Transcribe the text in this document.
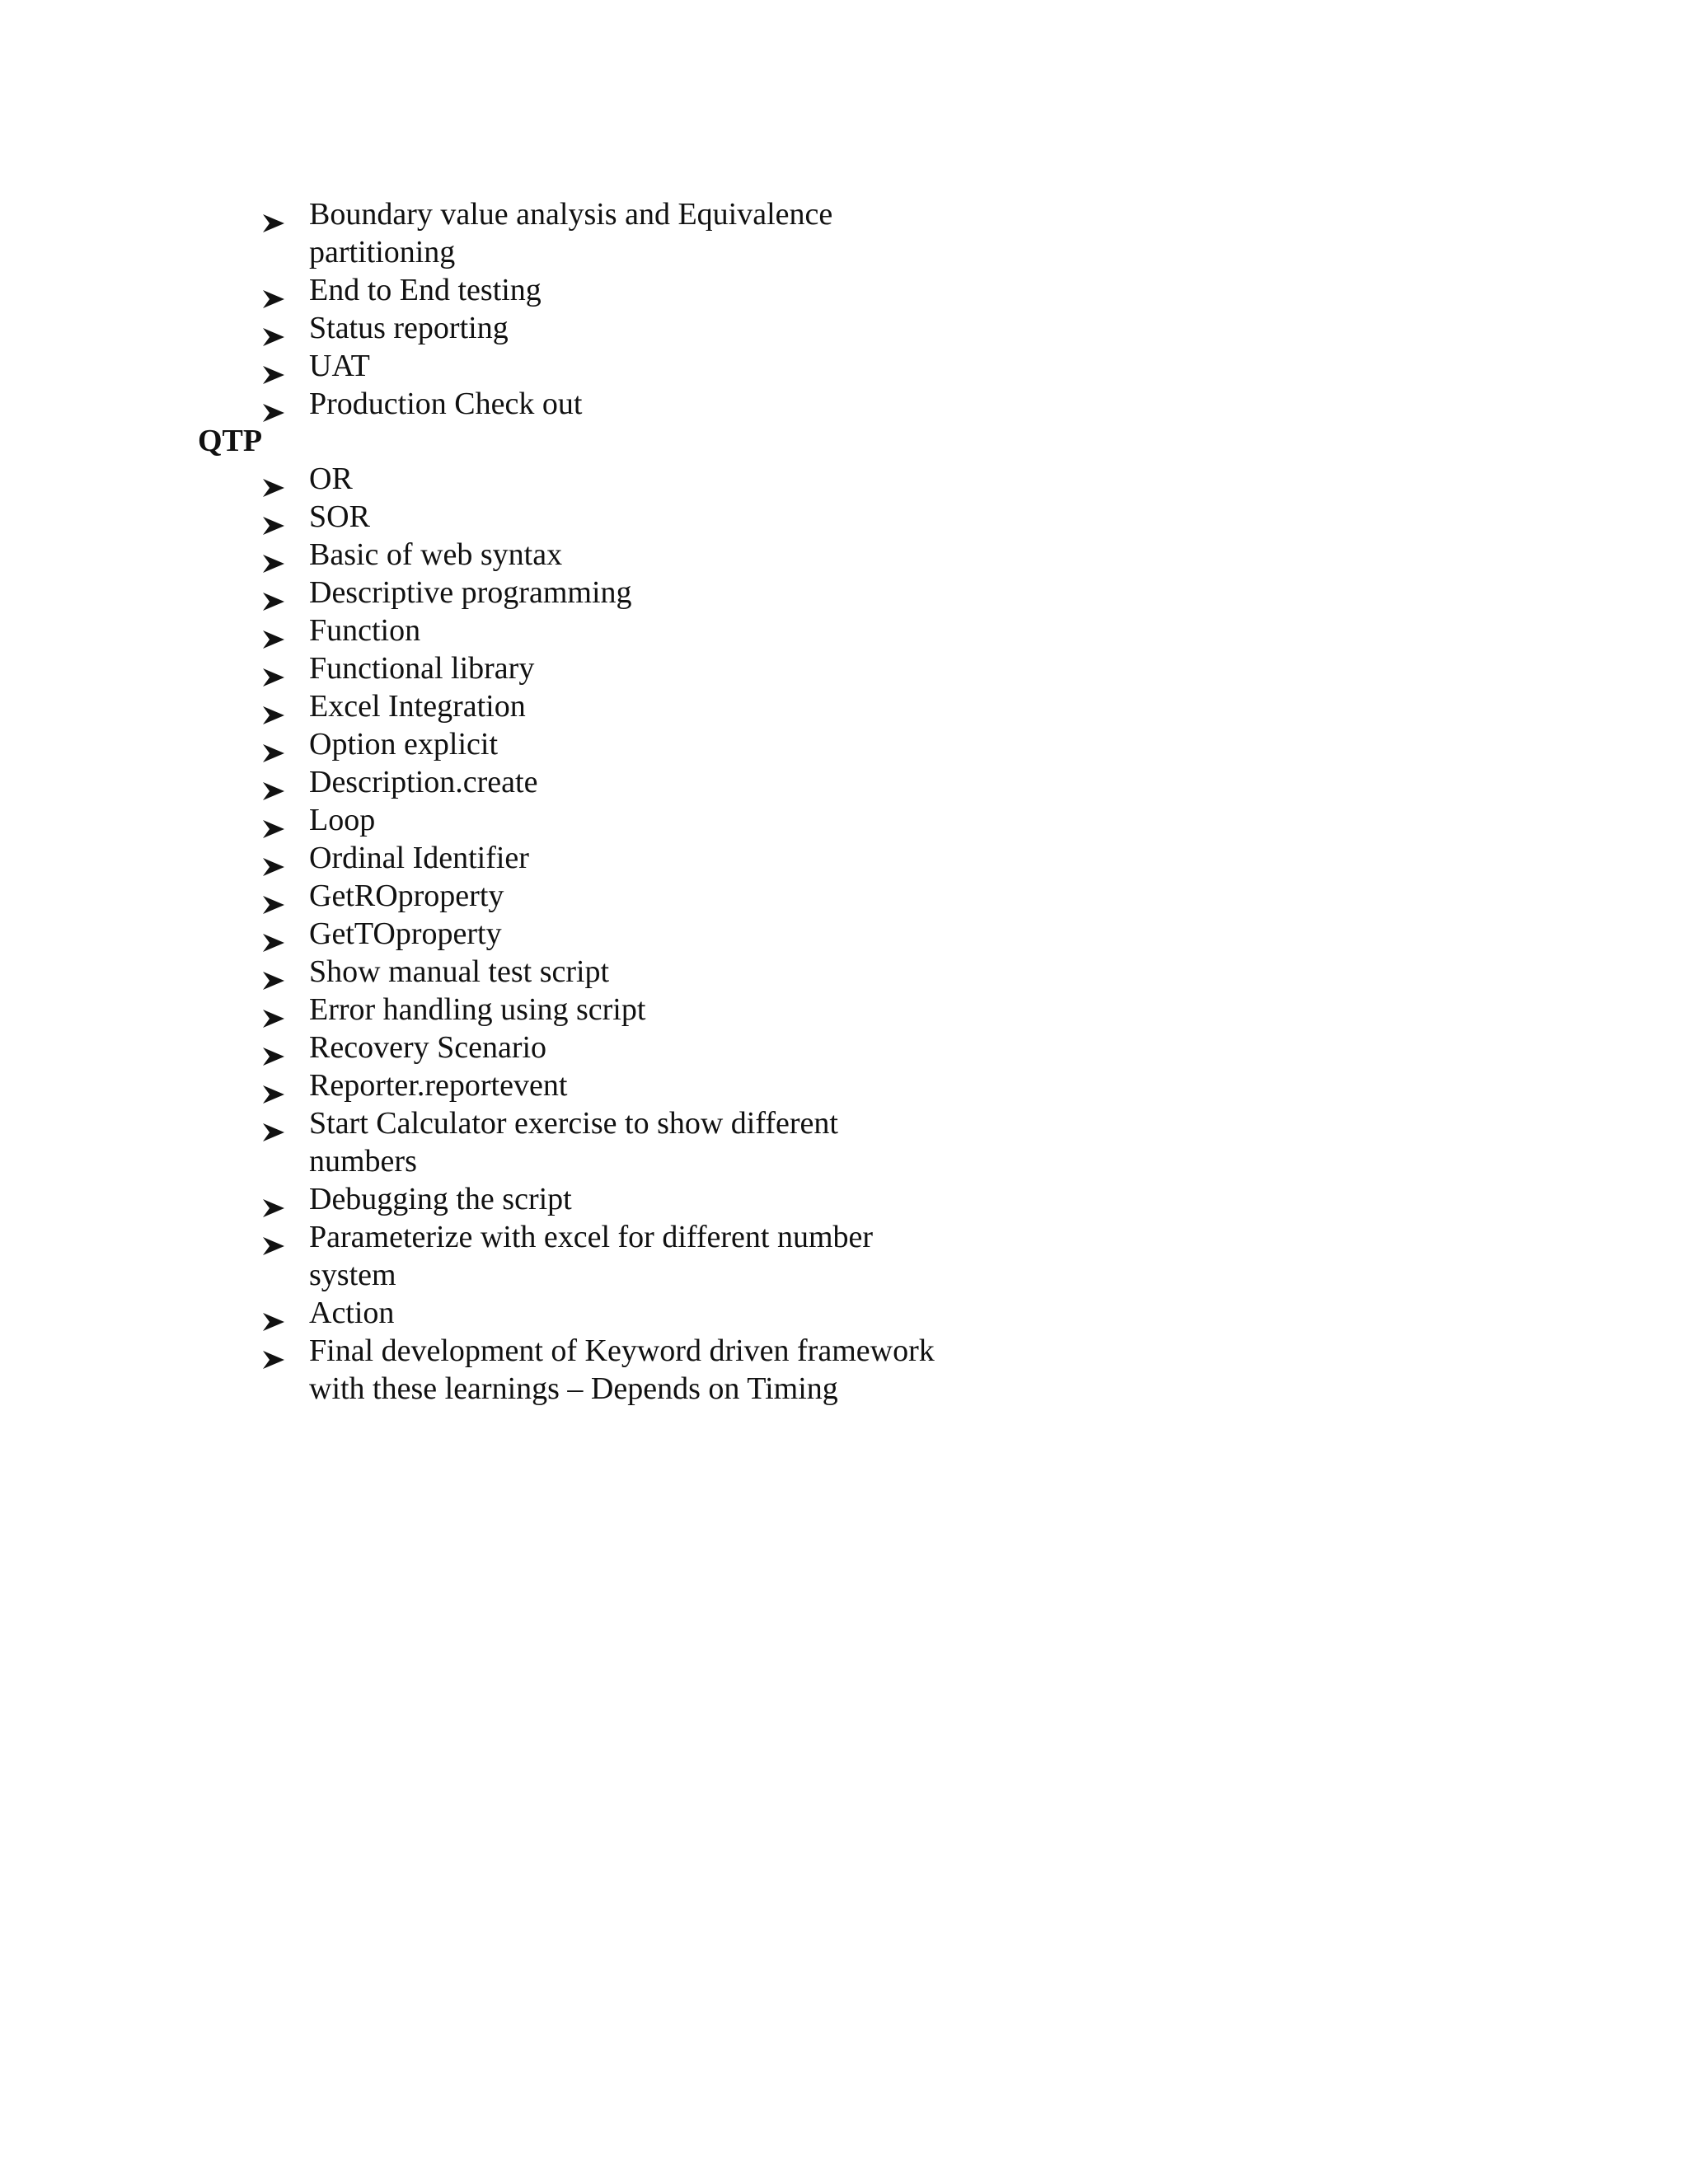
Boundary value analysis and Equivalence partitioning
End to End testing
Status reporting
UAT
Production Check out
QTP
OR
SOR
Basic of web syntax
Descriptive programming
Function
Functional library
Excel Integration
Option explicit
Description.create
Loop
Ordinal Identifier
GetROproperty
GetTOproperty
Show manual test script
Error handling using script
Recovery Scenario
Reporter.reportevent
Start Calculator exercise to show different numbers
Debugging the script
Parameterize with excel for different number system
Action
Final development of Keyword driven framework with these learnings – Depends on Timing
